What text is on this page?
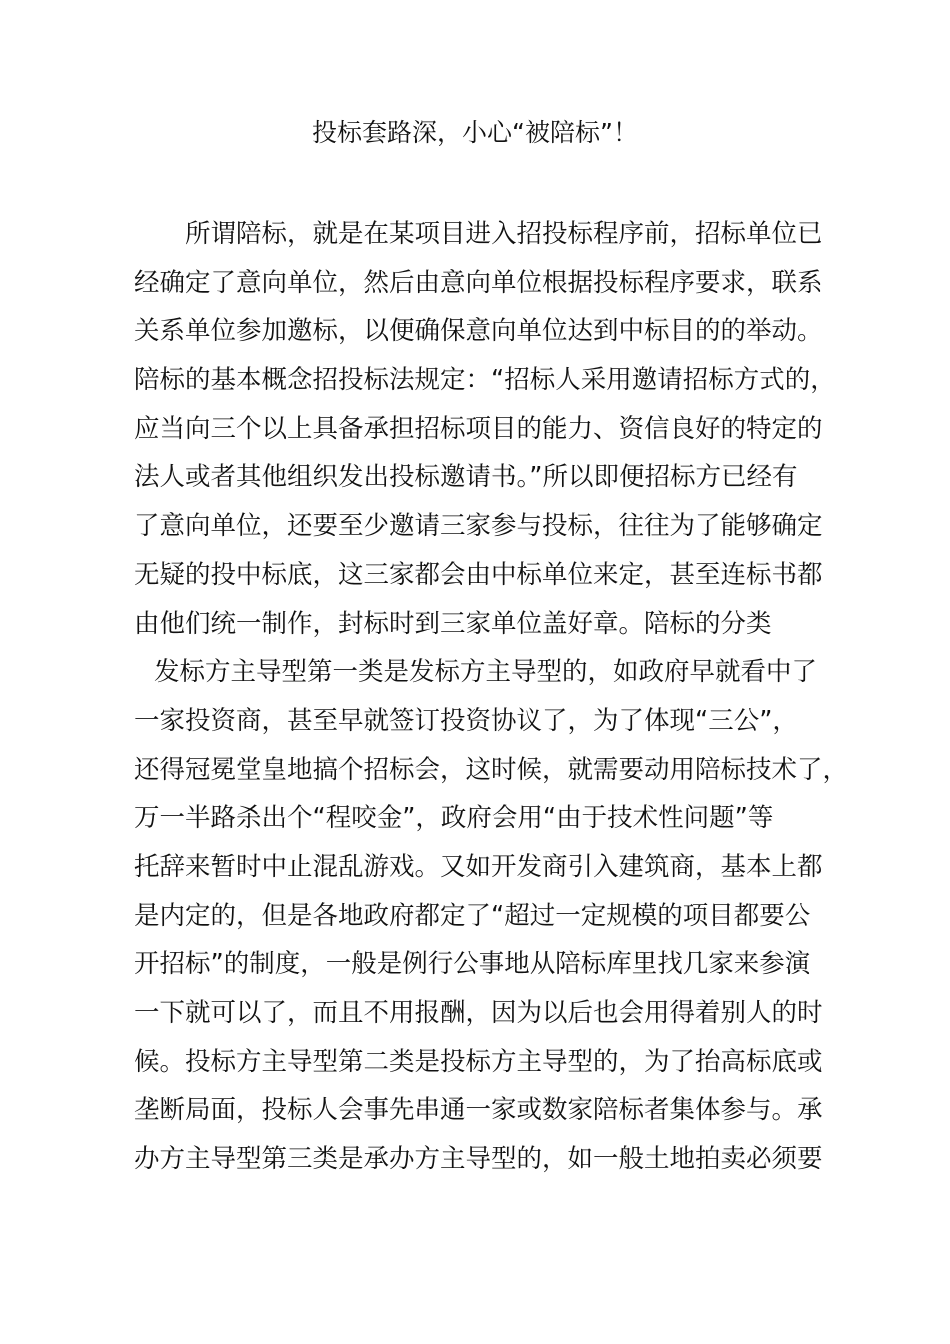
投标套路深，小心“被陪标”！
所谓陪标，就是在某项目进入招投标程序前，招标单位已
经确定了意向单位，然后由意向单位根据投标程序要求，联系
关系单位参加邀标，以便确保意向单位达到中标目的的举动。
陪标的基本概念招投标法规定：“招标人采用邀请招标方式的，
应当向三个以上具备承担招标项目的能力、资信良好的特定的
法人或者其他组织发出投标邀请书。”所以即便招标方已经有
了意向单位，还要至少邀请三家参与投标，往往为了能够确定
无疑的投中标底，这三家都会由中标单位来定，甚至连标书都
由他们统一制作，封标时到三家单位盖好章。陪标的分类
发标方主导型第一类是发标方主导型的，如政府早就看中了
一家投资商，甚至早就签订投资协议了，为了体现“三公”，
还得冠冕堂皇地搞个招标会，这时候，就需要动用陪标技术了，
万一半路杀出个“程咬金”，政府会用“由于技术性问题”等
托辞来暂时中止混乱游戏。又如开发商引入建筑商，基本上都
是内定的，但是各地政府都定了“超过一定规模的项目都要公
开招标”的制度，一般是例行公事地从陪标库里找几家来参演
一下就可以了，而且不用报酬，因为以后也会用得着别人的时
候。投标方主导型第二类是投标方主导型的，为了抬高标底或
垄断局面，投标人会事先串通一家或数家陪标者集体参与。承
办方主导型第三类是承办方主导型的，如一般土地拍卖必须要
